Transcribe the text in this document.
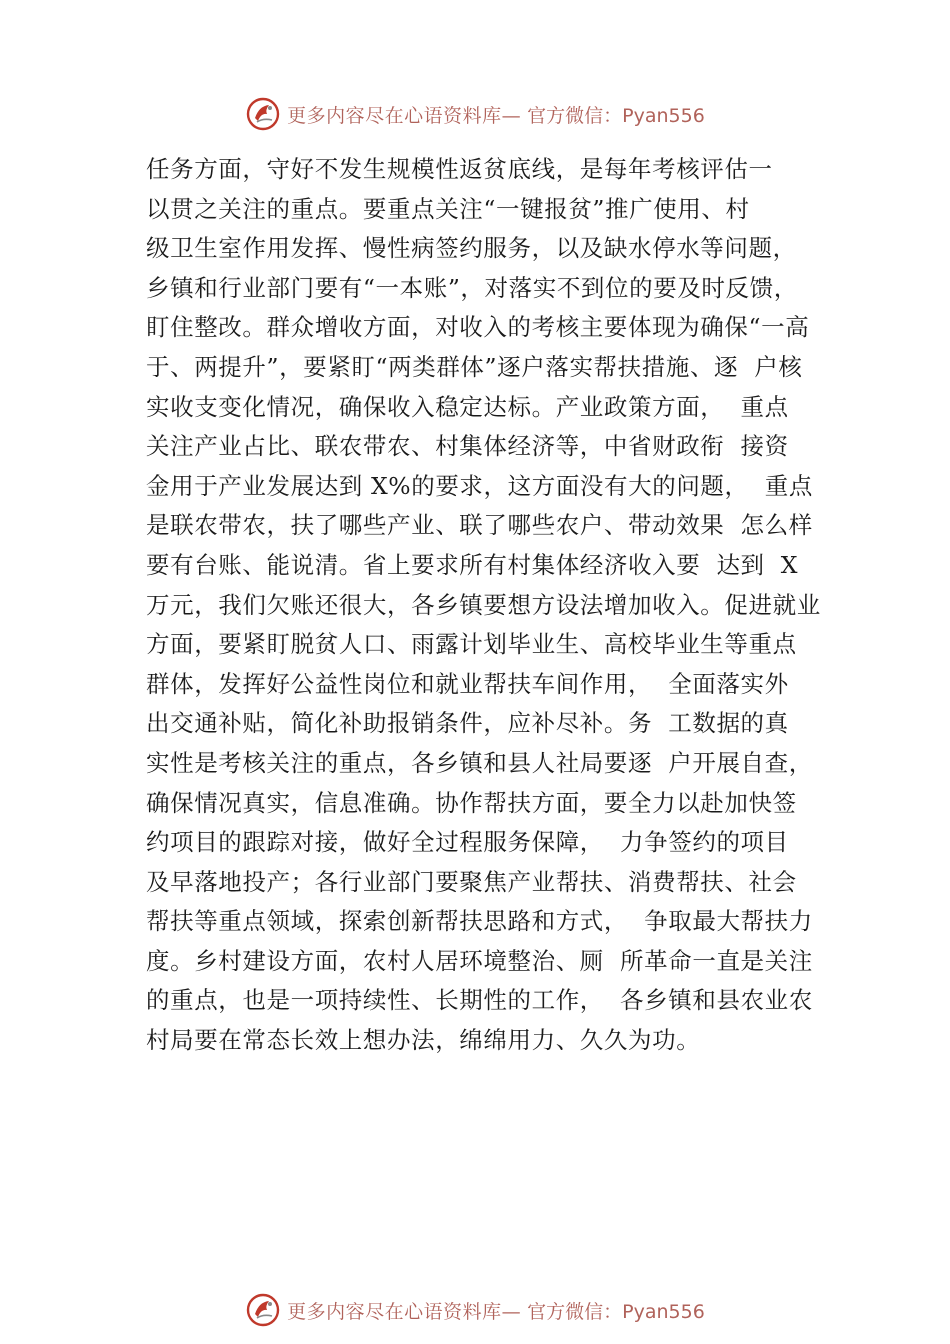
更多内容尽在心语资料库— 官方微信：Pyan556
任务方面，守好不发生规模性返贫底线，是每年考核评估一
以贯之关注的重点。要重点关注“一键报贫”推广使用、村
级卫生室作用发挥、慢性病签约服务，以及缺水停水等问题，
乡镇和行业部门要有“一本账”，对落实不到位的要及时反馈，
盯住整改。群众增收方面，对收入的考核主要体现为确保“一高
于、两提升”，要紧盯“两类群体”逐户落实帮扶措施、逐  户核
实收支变化情况，确保收入稳定达标。产业政策方面，  重点
关注产业占比、联农带农、村集体经济等，中省财政衔  接资
金用于产业发展达到 X%的要求，这方面没有大的问题，  重点
是联农带农，扶了哪些产业、联了哪些农户、带动效果  怎么样
要有台账、能说清。省上要求所有村集体经济收入要  达到  X
万元，我们欠账还很大，各乡镇要想方设法增加收入。促进就业
方面，要紧盯脱贫人口、雨露计划毕业生、高校毕业生等重点
群体，发挥好公益性岗位和就业帮扶车间作用，  全面落实外
出交通补贴，简化补助报销条件，应补尽补。务  工数据的真
实性是考核关注的重点，各乡镇和县人社局要逐  户开展自查，
确保情况真实，信息准确。协作帮扶方面，要全力以赴加快签
约项目的跟踪对接，做好全过程服务保障，  力争签约的项目
及早落地投产；各行业部门要聚焦产业帮扶、消费帮扶、社会
帮扶等重点领域，探索创新帮扶思路和方式，  争取最大帮扶力
度。乡村建设方面，农村人居环境整治、厕  所革命一直是关注
的重点，也是一项持续性、长期性的工作，  各乡镇和县农业农
村局要在常态长效上想办法，绵绵用力、久久为功。
更多内容尽在心语资料库— 官方微信：Pyan556
